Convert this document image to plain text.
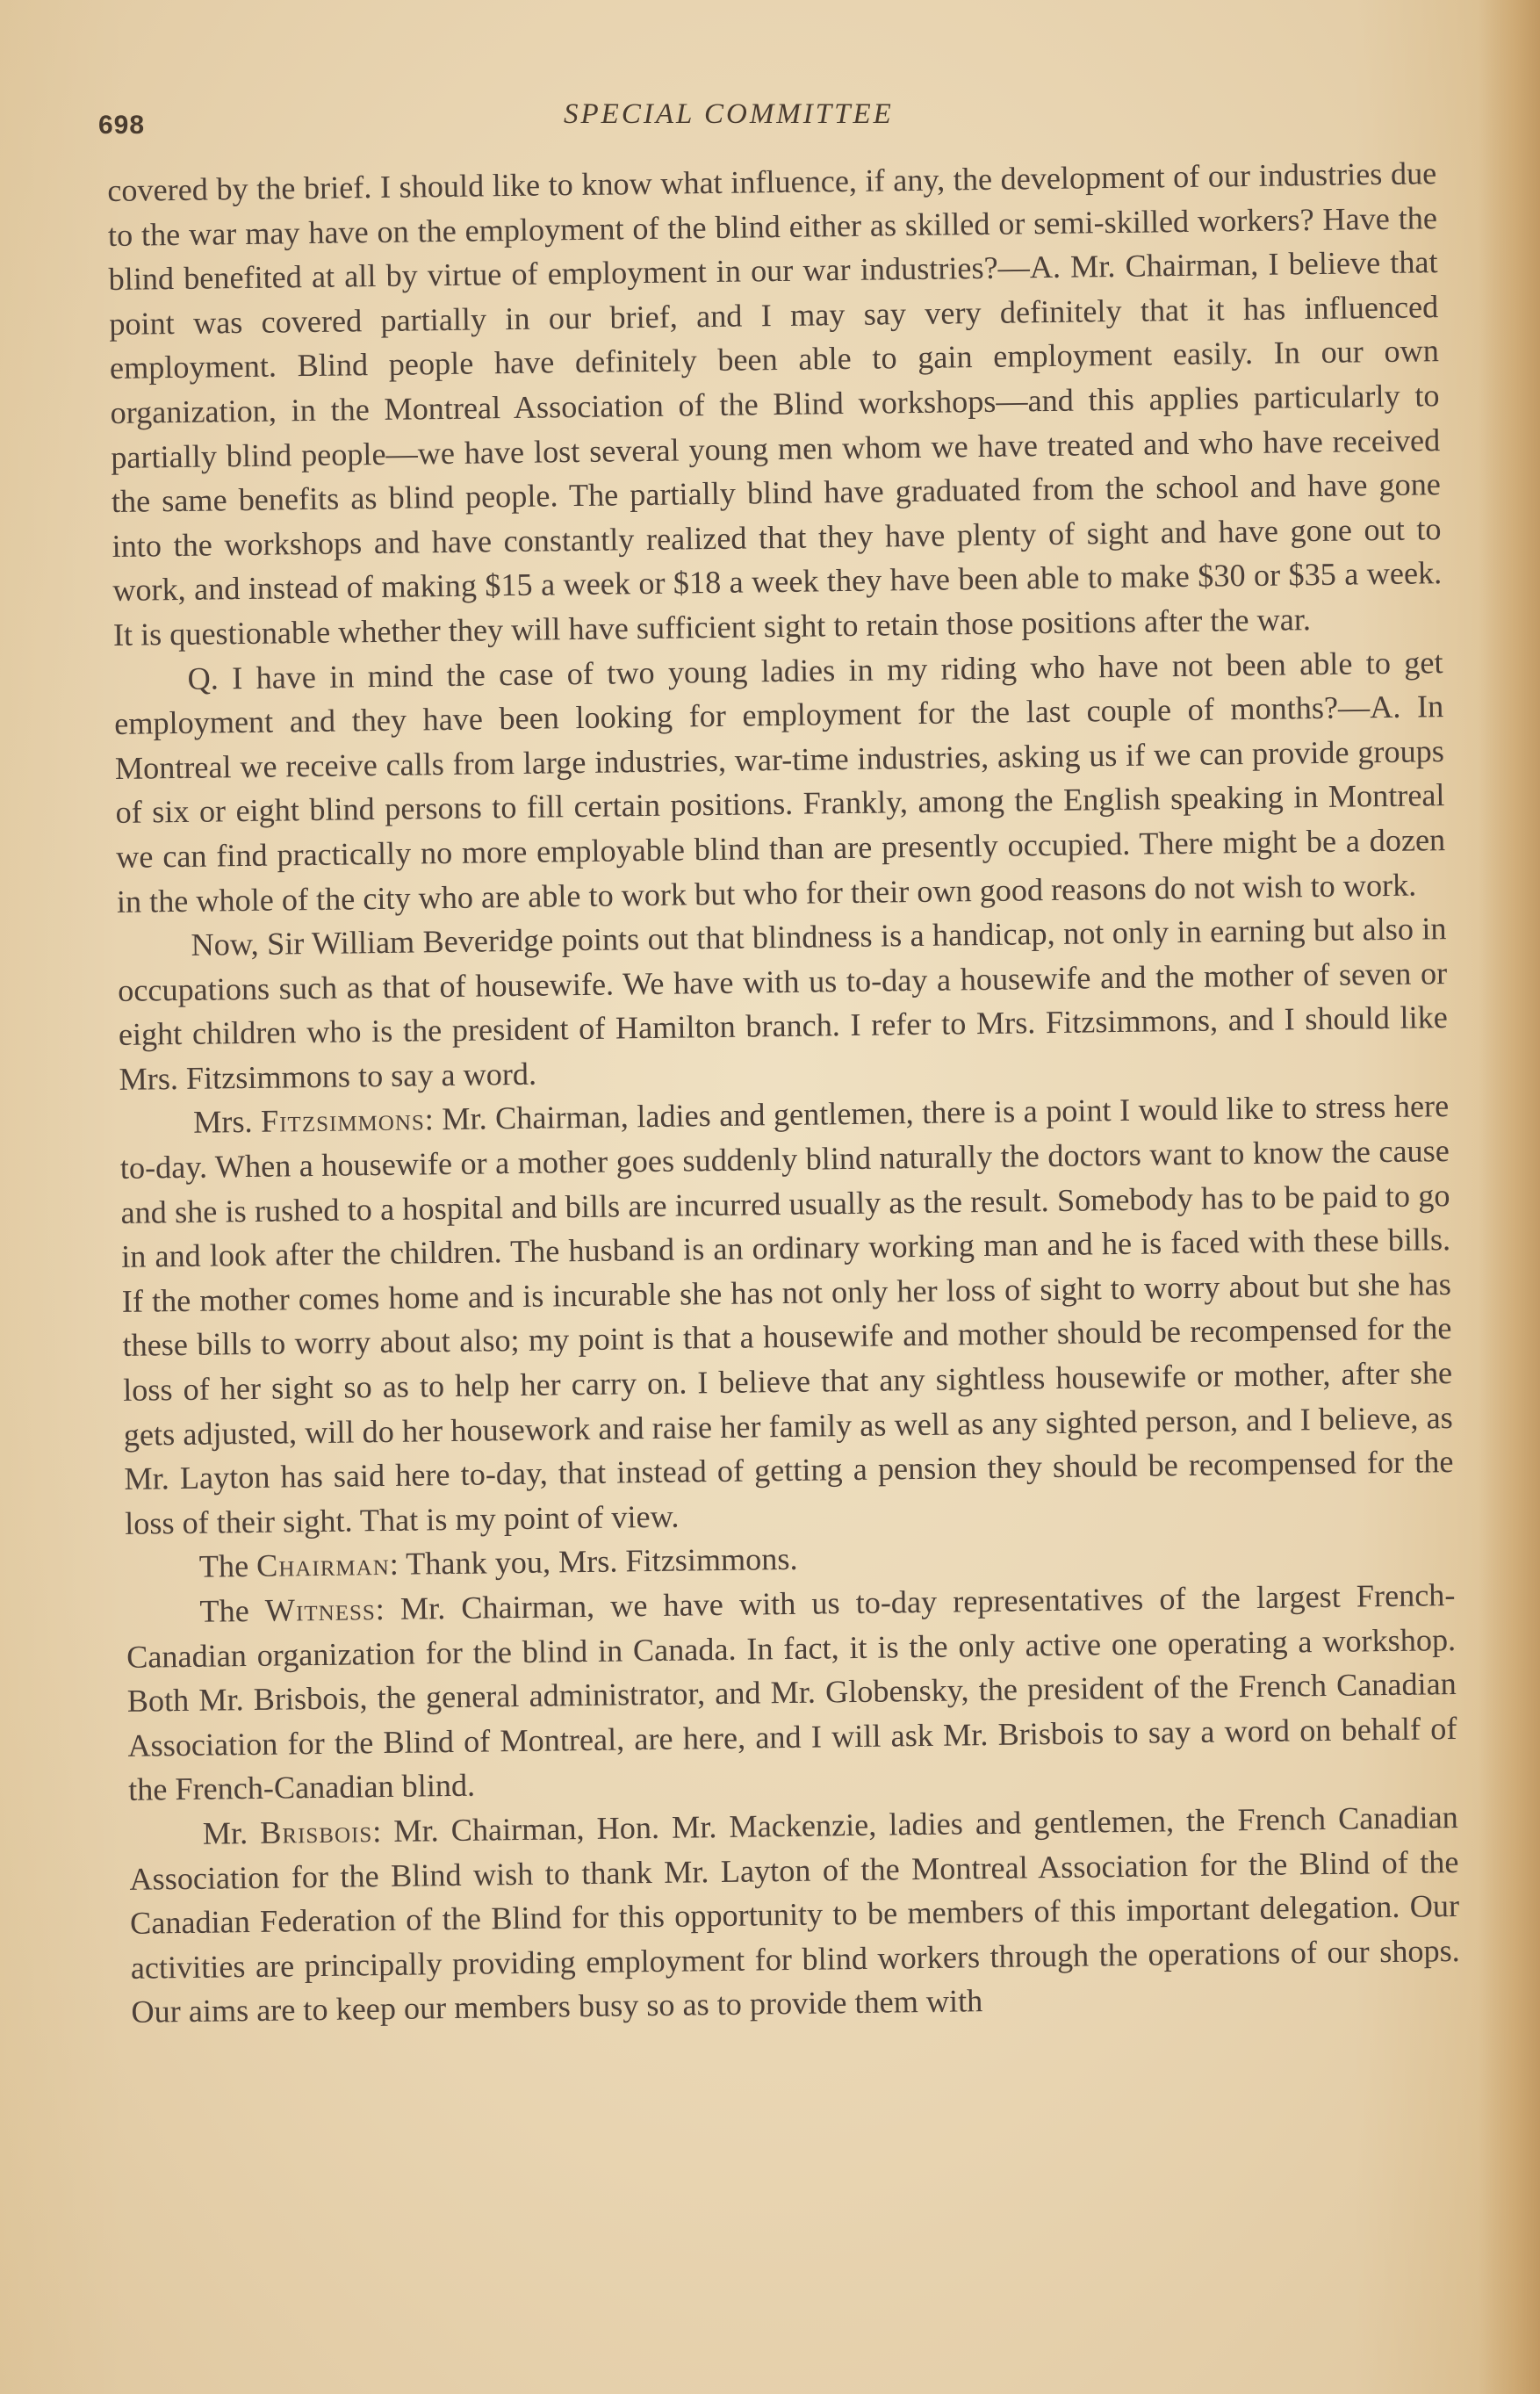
698	SPECIAL COMMITTEE

covered by the brief. I should like to know what influence, if any, the development of our industries due to the war may have on the employment of the blind either as skilled or semi-skilled workers? Have the blind benefited at all by virtue of employment in our war industries?—A. Mr. Chairman, I believe that point was covered partially in our brief, and I may say very definitely that it has influenced employment. Blind people have definitely been able to gain employment easily. In our own organization, in the Montreal Association of the Blind workshops—and this applies particularly to partially blind people—we have lost several young men whom we have treated and who have received the same benefits as blind people. The partially blind have graduated from the school and have gone into the workshops and have constantly realized that they have plenty of sight and have gone out to work, and instead of making $15 a week or $18 a week they have been able to make $30 or $35 a week. It is questionable whether they will have sufficient sight to retain those positions after the war.

Q. I have in mind the case of two young ladies in my riding who have not been able to get employment and they have been looking for employment for the last couple of months?—A. In Montreal we receive calls from large industries, war-time industries, asking us if we can provide groups of six or eight blind persons to fill certain positions. Frankly, among the English speaking in Montreal we can find practically no more employable blind than are presently occupied. There might be a dozen in the whole of the city who are able to work but who for their own good reasons do not wish to work.

Now, Sir William Beveridge points out that blindness is a handicap, not only in earning but also in occupations such as that of housewife. We have with us to-day a housewife and the mother of seven or eight children who is the president of Hamilton branch. I refer to Mrs. Fitzsimmons, and I should like Mrs. Fitzsimmons to say a word.

Mrs. Fitzsimmons: Mr. Chairman, ladies and gentlemen, there is a point I would like to stress here to-day. When a housewife or a mother goes suddenly blind naturally the doctors want to know the cause and she is rushed to a hospital and bills are incurred usually as the result. Somebody has to be paid to go in and look after the children. The husband is an ordinary working man and he is faced with these bills. If the mother comes home and is incurable she has not only her loss of sight to worry about but she has these bills to worry about also; my point is that a housewife and mother should be recompensed for the loss of her sight so as to help her carry on. I believe that any sightless housewife or mother, after she gets adjusted, will do her housework and raise her family as well as any sighted person, and I believe, as Mr. Layton has said here to-day, that instead of getting a pension they should be recompensed for the loss of their sight. That is my point of view.

The Chairman: Thank you, Mrs. Fitzsimmons.

The Witness: Mr. Chairman, we have with us to-day representatives of the largest French-Canadian organization for the blind in Canada. In fact, it is the only active one operating a workshop. Both Mr. Brisbois, the general administrator, and Mr. Globensky, the president of the French Canadian Association for the Blind of Montreal, are here, and I will ask Mr. Brisbois to say a word on behalf of the French-Canadian blind.

Mr. Brisbois: Mr. Chairman, Hon. Mr. Mackenzie, ladies and gentlemen, the French Canadian Association for the Blind wish to thank Mr. Layton of the Montreal Association for the Blind of the Canadian Federation of the Blind for this opportunity to be members of this important delegation. Our activities are principally providing employment for blind workers through the operations of our shops. Our aims are to keep our members busy so as to provide them with
